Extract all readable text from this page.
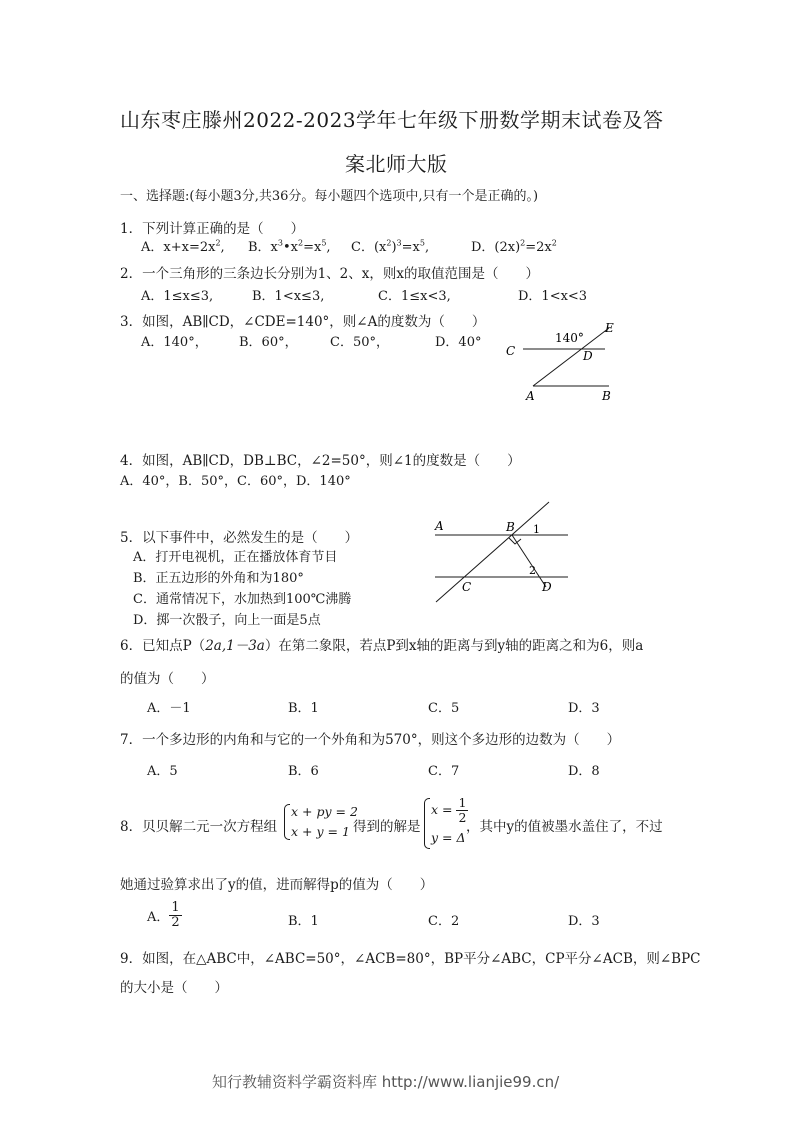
山东枣庄滕州2022-2023学年七年级下册数学期末试卷及答
案北师大版
一、选择题:(每小题3分,共36分。每小题四个选项中,只有一个是正确的。)
1．下列计算正确的是（　　）
A．$x+x=2x^2$, B．$x^3•x^2=x^5$, C．$(x^2)^3=x^5$,	D．$(2x)^2=2x^2$
2．一个三角形的三条边长分别为1、2、x，则x的取值范围是（　　）
A．1≤x≤3,	B．1<x≤3,	C．1≤x<3,	D．1<x<3
3．如图，AB∥CD，∠CDE=140°，则∠A的度数为（　　）
A．140°， B．60°， C．50°，	D．40°	140°
C	D
E
A	B
4．如图，AB∥CD，DB⊥BC，∠2=50°，则∠1的度数是（　　）
A．40°，B．50°，C．60°，D．140°
5．以下事件中，必然发生的是（　　）
A．打开电视机，正在播放体育节目
B．正五边形的外角和为180°
C．通常情况下，水加热到100℃沸腾
D．掷一次骰子，向上一面是5点
A	B 1
2
C	D
6．已知点P（2a,1－3a）在第二象限，若点P到x轴的距离与到y轴的距离之和为6，则a
的值为（　　）
A．－1	B．1	C．5	D．3
7．一个多边形的内角和与它的一个外角和为570°，则这个多边形的边数为（　　）
A．5	B．6	C．7	D．8
8．贝贝解二元一次方程组
x + py = 2
x + y = 1 得到的解是
$x = \frac{1}{2}$
y = Δ
，其中y的值被墨水盖住了，不过
她通过验算求出了y的值，进而解得p的值为（　　）
A． $\frac{1}{2}$	B．1	C．2	D．3
9．如图，在△ABC中，∠ABC=50°，∠ACB=80°，BP平分∠ABC，CP平分∠ACB，则∠BPC
的大小是（　　）
知行教辅资料学霸资料库 http://www.lianjie99.cn/
